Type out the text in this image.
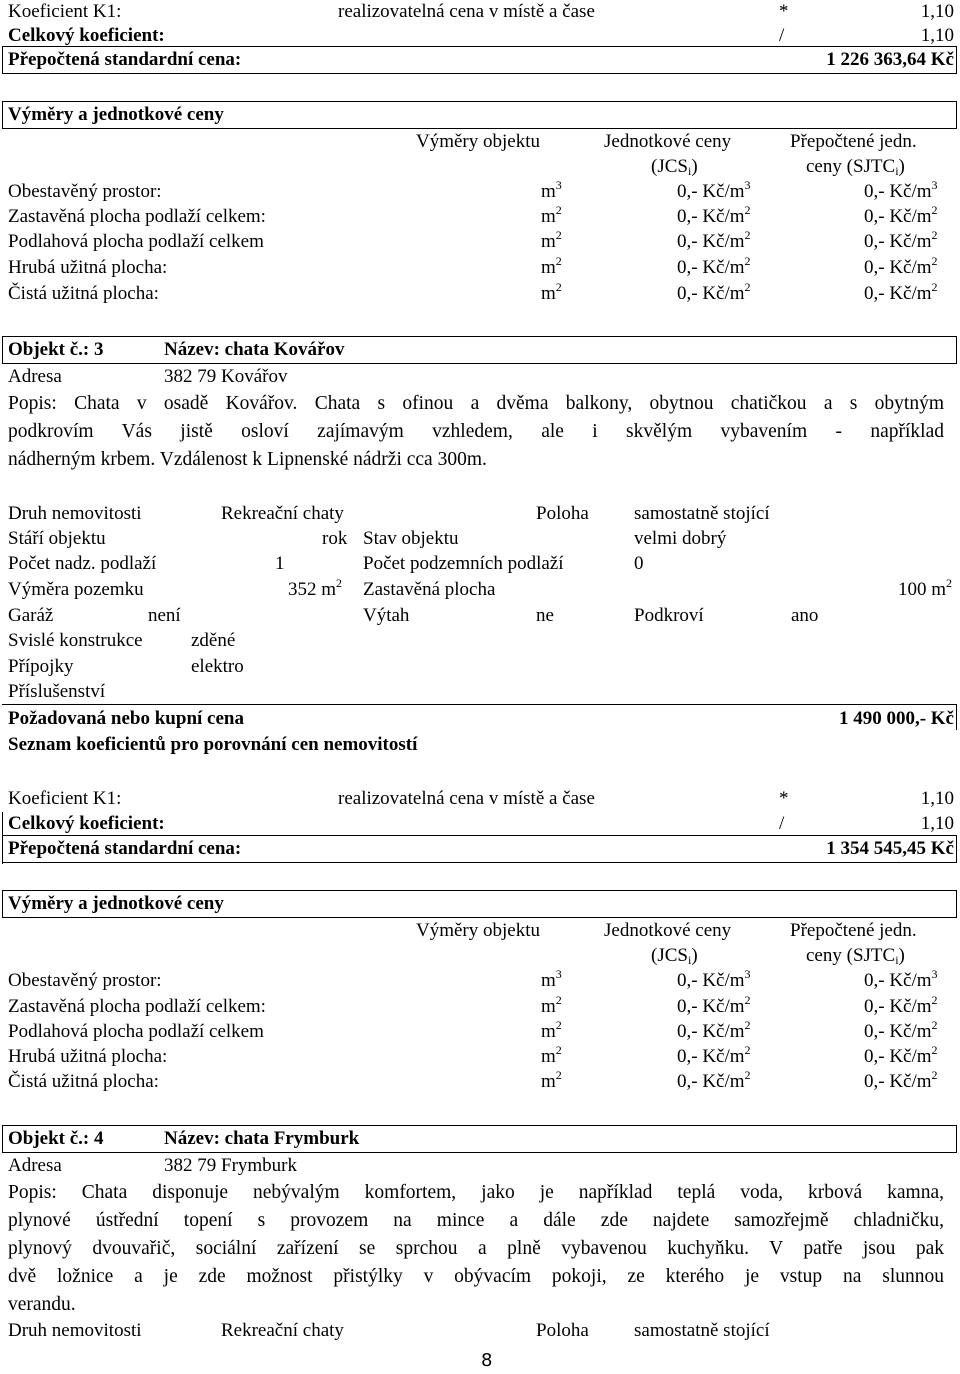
Koeficient K1:	realizovatelná cena v místě a čase	*	1,10
Celkový koeficient:	/	1,10
Přepočtená standardní cena:	1 226 363,64 Kč
Výměry a jednotkové ceny
Výměry objektu	Jednotkové ceny	Přepočtené jedn.
$(JCS_i)$	ceny $(SJTC_i)$
Obestavěný prostor:	$m^3$	0,- $Kč/m^3$	0,- $Kč/m^3$
Zastavěná plocha podlaží celkem:	$m^2$	0,- $Kč/m^2$	0,- $Kč/m^2$
Podlahová plocha podlaží celkem	$m^2$	0,- $Kč/m^2$	0,- $Kč/m^2$
Hrubá užitná plocha:	$m^2$	0,- $Kč/m^2$	0,- $Kč/m^2$
Čistá užitná plocha:	$m^2$	0,- $Kč/m^2$	0,- $Kč/m^2$
Objekt č.: 3	Název: chata Kovářov
Adresa	382 79 Kovářov
Popis: Chata v osadě Kovářov. Chata s ofinou a dvěma balkony, obytnou chatičkou a s obytným
podkrovím Vás jistě osloví zajímavým vzhledem, ale i skvělým vybavením - například
nádherným krbem. Vzdálenost k Lipnenské nádrži cca 300m.
Druh nemovitosti	Rekreační chaty	Poloha samostatně stojící
Stáří objektu	rok Stav objektu	velmi dobrý
Počet nadz. podlaží	1	Počet podzemních podlaží	0
Výměra pozemku	352 $m^2$ Zastavěná plocha	100 $m^2$
Garáž	není	Výtah	ne	Podkroví	ano
Svislé konstrukce	zděné
Přípojky	elektro
Příslušenství
Požadovaná nebo kupní cena	1 490 000,- Kč
Seznam koeficientů pro porovnání cen nemovitostí
Koeficient K1:	realizovatelná cena v místě a čase	*	1,10
Celkový koeficient:	/	1,10
Přepočtená standardní cena:	1 354 545,45 Kč
Výměry a jednotkové ceny
Výměry objektu	Jednotkové ceny	Přepočtené jedn.
$(JCS_i)$	ceny $(SJTC_i)$
Obestavěný prostor:	$m^3$	0,- $Kč/m^3$	0,- $Kč/m^3$
Zastavěná plocha podlaží celkem:	$m^2$	0,- $Kč/m^2$	0,- $Kč/m^2$
Podlahová plocha podlaží celkem	$m^2$	0,- $Kč/m^2$	0,- $Kč/m^2$
Hrubá užitná plocha:	$m^2$	0,- $Kč/m^2$	0,- $Kč/m^2$
Čistá užitná plocha:	$m^2$	0,- $Kč/m^2$	0,- $Kč/m^2$
Objekt č.: 4	Název: chata Frymburk
Adresa	382 79 Frymburk
Popis: Chata disponuje nebývalým komfortem, jako je například teplá voda, krbová kamna,
plynové ústřední topení s provozem na mince a dále zde najdete samozřejmě chladničku,
plynový dvouvařič, sociální zařízení se sprchou a plně vybavenou kuchyňku. V patře jsou pak
dvě ložnice a je zde možnost přistýlky v obývacím pokoji, ze kterého je vstup na slunnou
verandu.
Druh nemovitosti	Rekreační chaty	Poloha samostatně stojící
8
